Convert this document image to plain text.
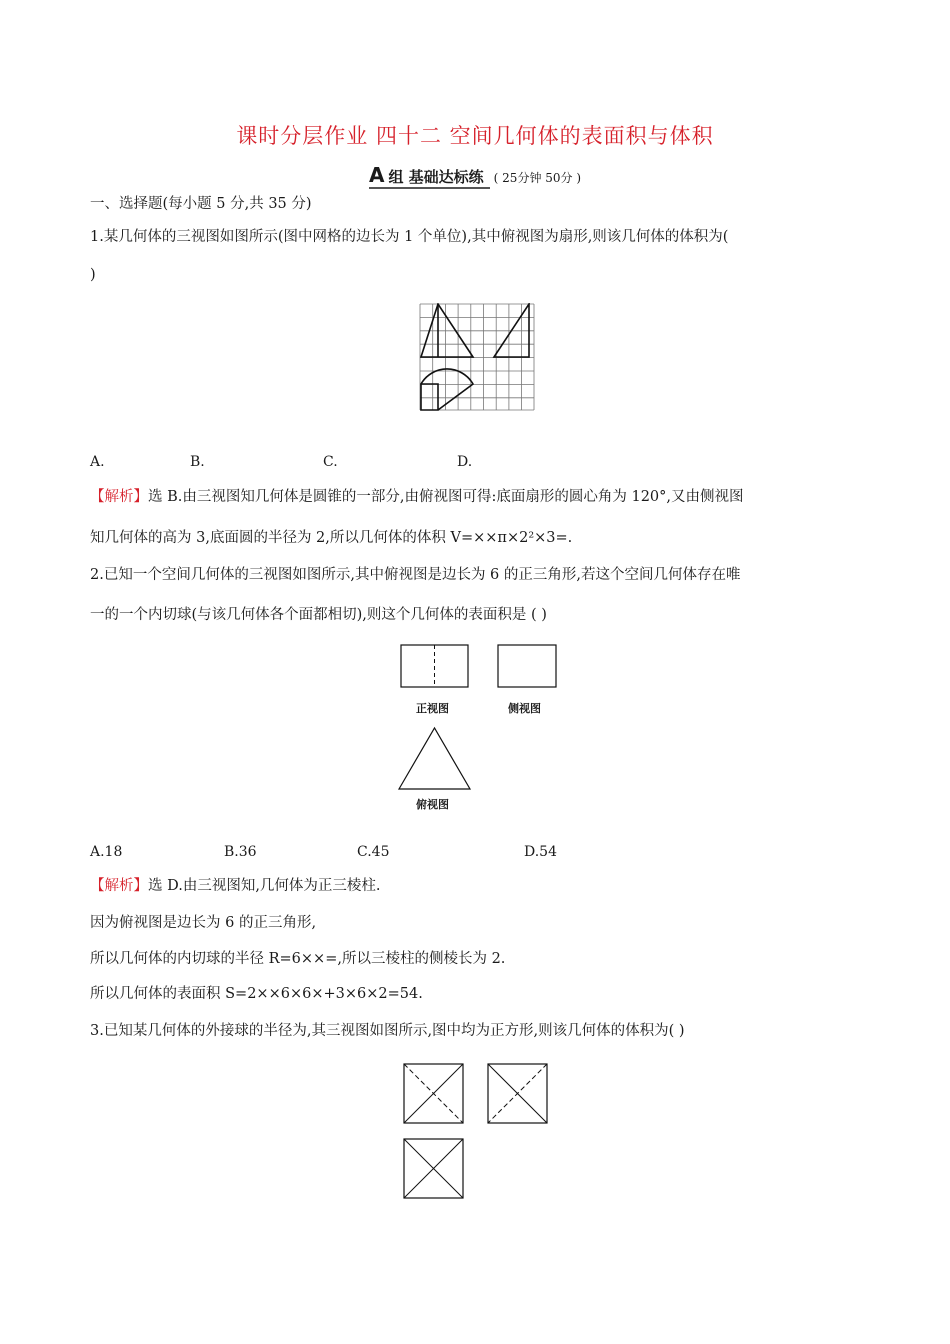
课时分层作业 四十二 空间几何体的表面积与体积
A 组 基础达标练 ( 25分钟 50分 )
一、选择题(每小题 5 分,共 35 分)
1.某几何体的三视图如图所示(图中网格的边长为 1 个单位),其中俯视图为扇形,则该几何体的体积为(
)
A.	B.	C.	D.
【解析】选 B.由三视图知几何体是圆锥的一部分,由俯视图可得:底面扇形的圆心角为 120°,又由侧视图
知几何体的高为 3,底面圆的半径为 2,所以几何体的体积 V=××π×2²×3=.
2.已知一个空间几何体的三视图如图所示,其中俯视图是边长为 6 的正三角形,若这个空间几何体存在唯
一的一个内切球(与该几何体各个面都相切),则这个几何体的表面积是 ( )
正视图	侧视图
俯视图
A.18	B.36	C.45	D.54
【解析】选 D.由三视图知,几何体为正三棱柱.
因为俯视图是边长为 6 的正三角形,
所以几何体的内切球的半径 R=6××=,所以三棱柱的侧棱长为 2.
所以几何体的表面积 S=2××6×6×+3×6×2=54.
3.已知某几何体的外接球的半径为,其三视图如图所示,图中均为正方形,则该几何体的体积为( )
